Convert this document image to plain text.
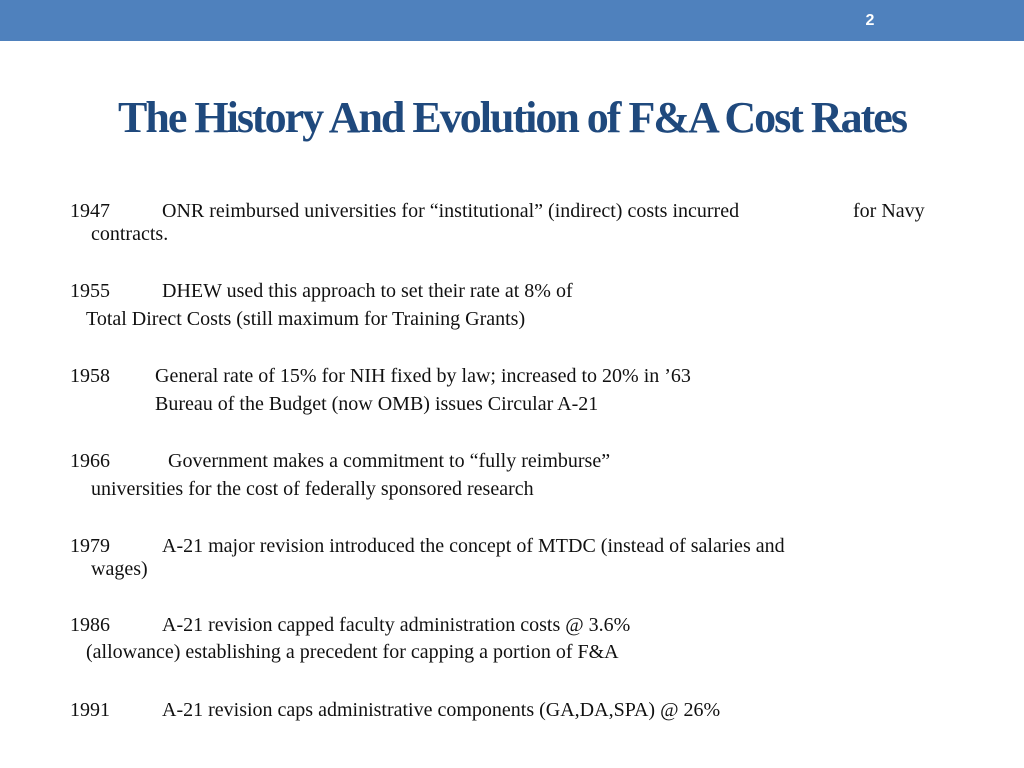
2
The History And Evolution of F&A Cost Rates
1947	ONR reimbursed universities for “institutional” (indirect) costs incurred	for Navy
contracts.
1955	DHEW used this approach to set their rate at 8% of
Total Direct Costs (still maximum for Training Grants)
1958 General rate of 15% for NIH fixed by law; increased to 20% in ’63
Bureau of the Budget (now OMB) issues Circular A-21
1966	Government makes a commitment to “fully reimburse”
universities for the cost of federally sponsored research
1979	A-21 major revision introduced the concept of MTDC (instead of salaries and
wages)
1986	A-21 revision capped faculty administration costs @ 3.6%
(allowance) establishing a precedent for capping a portion of F&A
1991	A-21 revision caps administrative components (GA,DA,SPA) @ 26%
